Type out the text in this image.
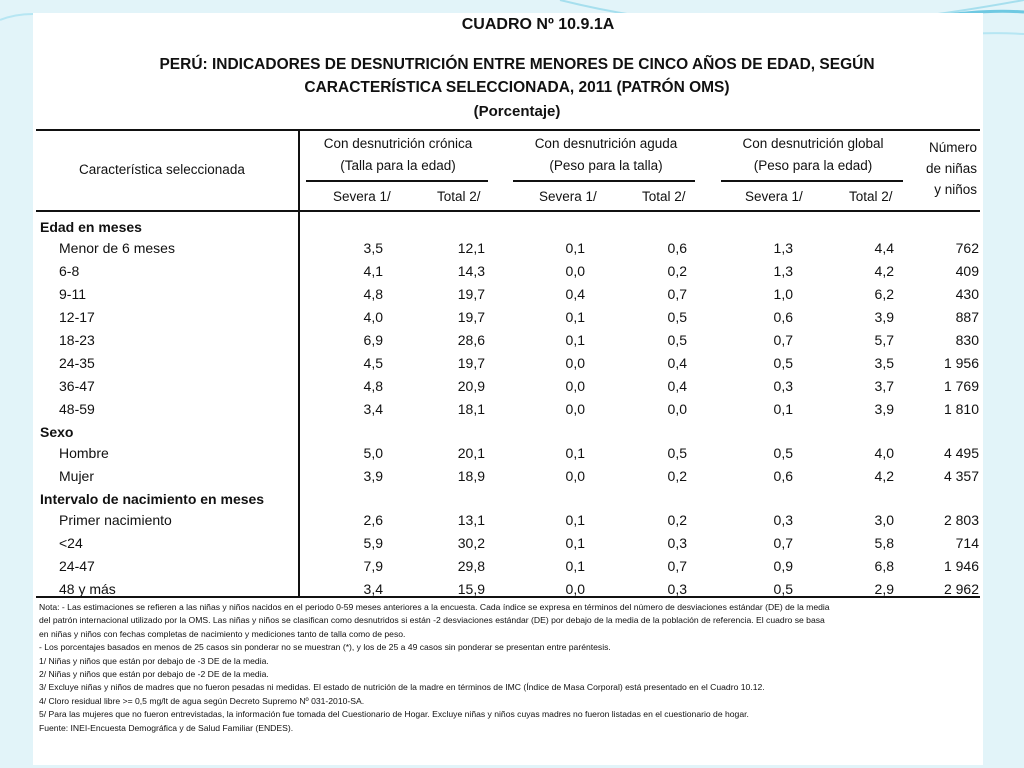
CUADRO Nº 10.9.1A
PERÚ: INDICADORES DE DESNUTRICIÓN ENTRE MENORES DE CINCO AÑOS DE EDAD, SEGÚN
CARACTERÍSTICA SELECCIONADA, 2011 (PATRÓN OMS)
(Porcentaje)
Característica seleccionada
Con desnutrición crónica
(Talla para la edad)
Con desnutrición aguda
(Peso para la talla)
Con desnutrición global
(Peso para la edad)
Severa 1/	Total 2/	Severa 1/	Total 2/	Severa 1/	Total 2/
Número
de niñas
y niños
Edad en meses
Menor de 6 meses	3,5	12,1	0,1	0,6	1,3	4,4	762
6-8	4,1	14,3	0,0	0,2	1,3	4,2	409
9-11	4,8	19,7	0,4	0,7	1,0	6,2	430
12-17	4,0	19,7	0,1	0,5	0,6	3,9	887
18-23	6,9	28,6	0,1	0,5	0,7	5,7	830
24-35	4,5	19,7	0,0	0,4	0,5	3,5	1 956
36-47	4,8	20,9	0,0	0,4	0,3	3,7	1 769
48-59	3,4	18,1	0,0	0,0	0,1	3,9	1 810
Sexo
Hombre	5,0	20,1	0,1	0,5	0,5	4,0	4 495
Mujer	3,9	18,9	0,0	0,2	0,6	4,2	4 357
Intervalo de nacimiento en meses
Primer nacimiento	2,6	13,1	0,1	0,2	0,3	3,0	2 803
<24	5,9	30,2	0,1	0,3	0,7	5,8	714
24-47	7,9	29,8	0,1	0,7	0,9	6,8	1 946
48 y más	3,4	15,9	0,0	0,3	0,5	2,9	2 962

Nota: - Las estimaciones se refieren a las niñas y niños nacidos en el periodo 0-59 meses anteriores a la encuesta. Cada índice se expresa en términos del número de desviaciones estándar (DE) de la media

del patrón internacional utilizado por la OMS. Las niñas y niños se clasifican como desnutridos si están -2 desviaciones estándar (DE) por debajo de la media de la población de referencia. El cuadro se basa

en niñas y niños con fechas completas de nacimiento y mediciones tanto de talla como de peso.

- Los porcentajes basados en menos de 25 casos sin ponderar no se muestran (*), y los de 25 a 49 casos sin ponderar se presentan entre paréntesis.

1/ Niñas y niños que están por debajo de -3 DE de la media.

2/ Niñas y niños que están por debajo de -2 DE de la media.

3/ Excluye niñas y niños de madres que no fueron pesadas ni medidas. El estado de nutrición de la madre en términos de IMC (Índice de Masa Corporal) está presentado en el Cuadro 10.12.

4/ Cloro residual libre >= 0,5 mg/lt de agua según Decreto Supremo Nº 031-2010-SA.

5/ Para las mujeres que no fueron entrevistadas, la información fue tomada del Cuestionario de Hogar. Excluye niñas y niños cuyas madres no fueron listadas en el cuestionario de hogar.

Fuente: INEI-Encuesta Demográfica y de Salud Familiar (ENDES).
